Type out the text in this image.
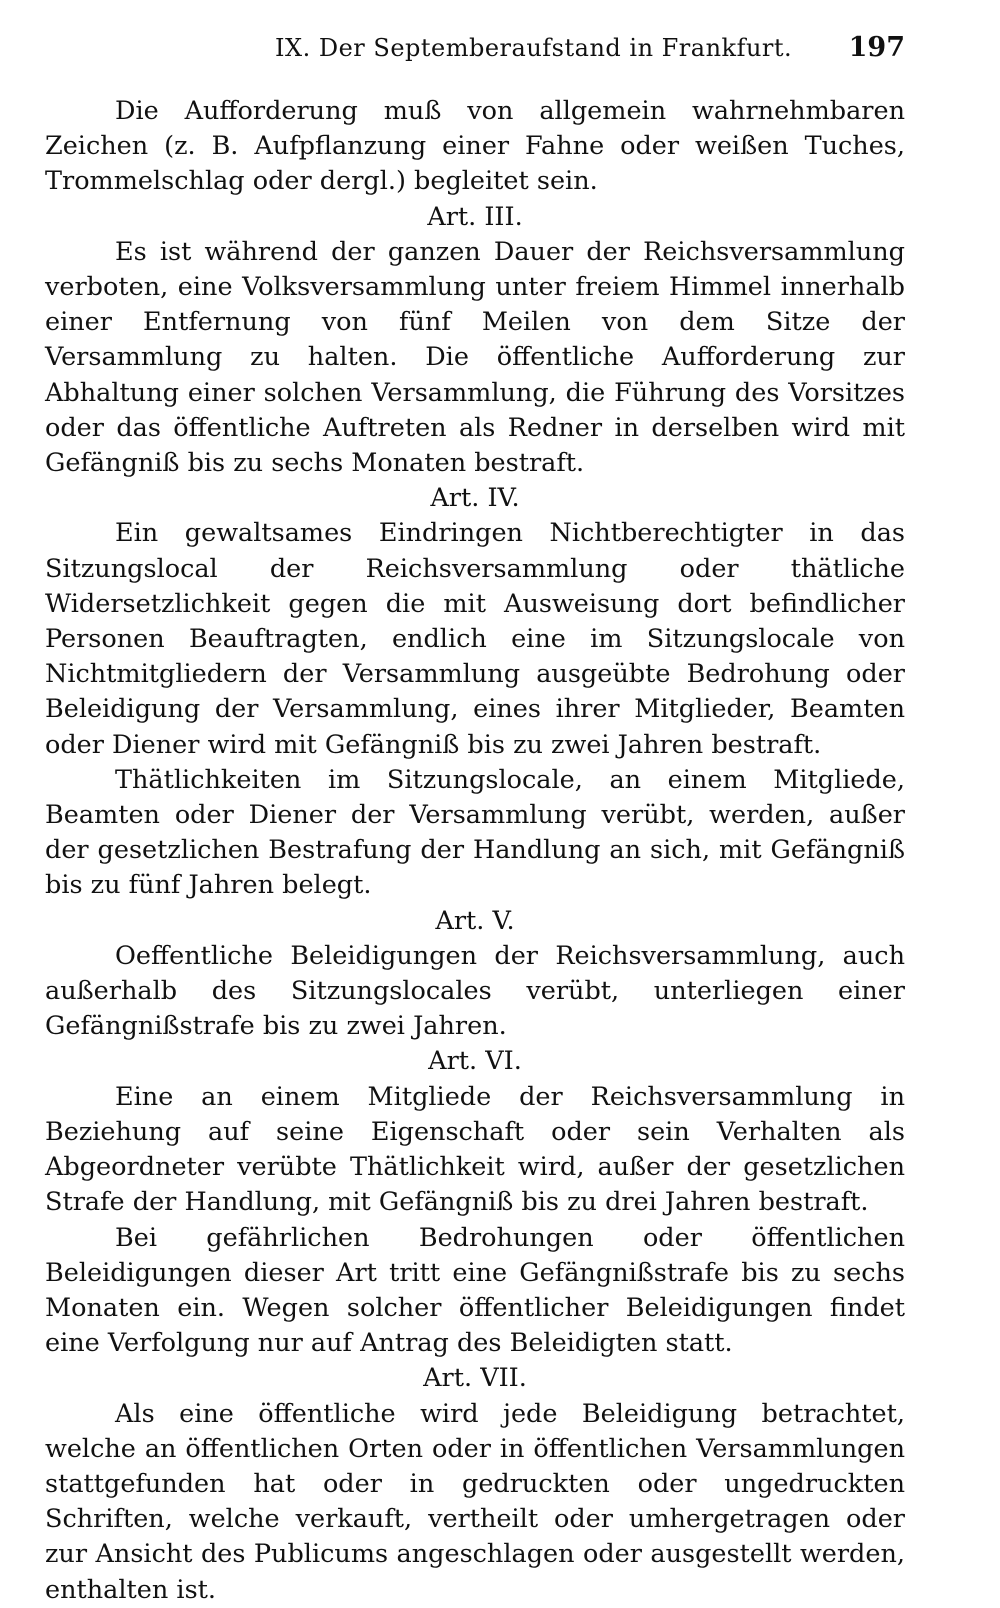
IX. Der Septemberaufstand in Frankfurt. 197

Die Aufforderung muß von allgemein wahrnehmbaren Zeichen (z. B. Aufpflanzung einer Fahne oder weißen Tuches, Trommelschlag oder dergl.) begleitet sein.

Art. III.

Es ist während der ganzen Dauer der Reichsversammlung verboten, eine Volksversammlung unter freiem Himmel innerhalb einer Entfernung von fünf Meilen von dem Sitze der Versammlung zu halten. Die öffentliche Aufforderung zur Abhaltung einer solchen Versammlung, die Führung des Vorsitzes oder das öffentliche Auftreten als Redner in derselben wird mit Gefängniß bis zu sechs Monaten bestraft.

Art. IV.

Ein gewaltsames Eindringen Nichtberechtigter in das Sitzungslocal der Reichsversammlung oder thätliche Widersetzlichkeit gegen die mit Ausweisung dort befindlicher Personen Beauftragten, endlich eine im Sitzungslocale von Nichtmitgliedern der Versammlung ausgeübte Bedrohung oder Beleidigung der Versammlung, eines ihrer Mitglieder, Beamten oder Diener wird mit Gefängniß bis zu zwei Jahren bestraft.

Thätlichkeiten im Sitzungslocale, an einem Mitgliede, Beamten oder Diener der Versammlung verübt, werden, außer der gesetzlichen Bestrafung der Handlung an sich, mit Gefängniß bis zu fünf Jahren belegt.

Art. V.

Oeffentliche Beleidigungen der Reichsversammlung, auch außerhalb des Sitzungslocales verübt, unterliegen einer Gefängnißstrafe bis zu zwei Jahren.

Art. VI.

Eine an einem Mitgliede der Reichsversammlung in Beziehung auf seine Eigenschaft oder sein Verhalten als Abgeordneter verübte Thätlichkeit wird, außer der gesetzlichen Strafe der Handlung, mit Gefängniß bis zu drei Jahren bestraft.

Bei gefährlichen Bedrohungen oder öffentlichen Beleidigungen dieser Art tritt eine Gefängnißstrafe bis zu sechs Monaten ein. Wegen solcher öffentlicher Beleidigungen findet eine Verfolgung nur auf Antrag des Beleidigten statt.

Art. VII.

Als eine öffentliche wird jede Beleidigung betrachtet, welche an öffentlichen Orten oder in öffentlichen Versammlungen stattgefunden hat oder in gedruckten oder ungedruckten Schriften, welche verkauft, vertheilt oder umhergetragen oder zur Ansicht des Publicums angeschlagen oder ausgestellt werden, enthalten ist.
